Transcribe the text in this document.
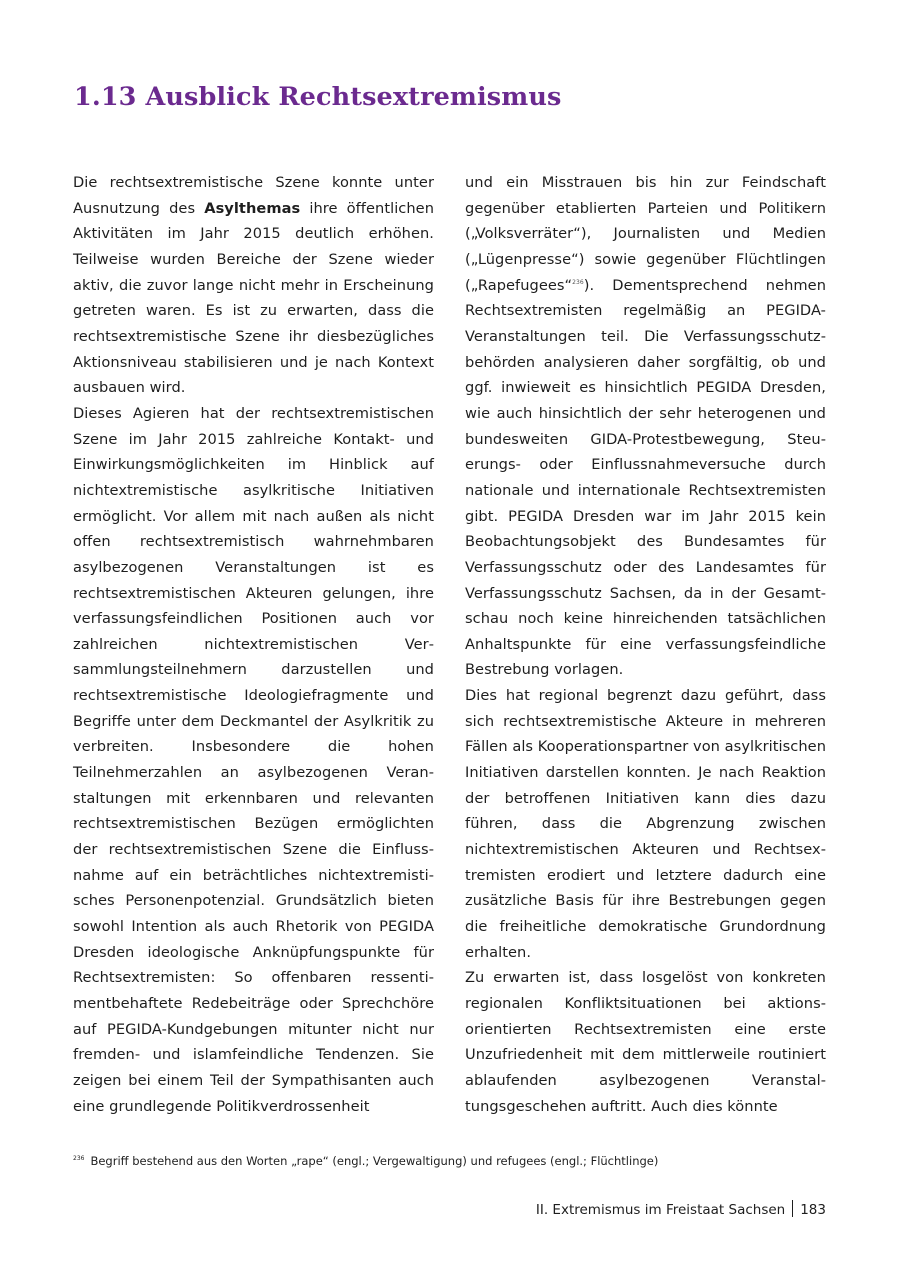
1.13 Ausblick Rechtsextremismus

Die rechtsextremistische Szene konnte unter Ausnutzung des Asylthemas ihre öffentlichen Aktivitäten im Jahr 2015 deutlich erhöhen. Teilweise wurden Bereiche der Szene wieder aktiv, die zuvor lange nicht mehr in Erscheinung getreten waren. Es ist zu erwarten, dass die rechtsextremistische Szene ihr diesbezügliches Aktionsniveau stabilisieren und je nach Kontext ausbauen wird.

Dieses Agieren hat der rechtsextremistischen Szene im Jahr 2015 zahlreiche Kontakt- und Einwirkungsmöglichkeiten im Hinblick auf nichtextremistische asylkritische Initiativen ermöglicht. Vor allem mit nach außen als nicht offen rechtsextremistisch wahrnehmbaren asylbezogenen Veranstaltungen ist es rechtsextremistischen Akteuren gelungen, ihre verfassungsfeindlichen Positionen auch vor zahlreichen nichtextremistischen Versammlungsteilnehmern darzustellen und rechtsextremistische Ideologiefragmente und Begriffe unter dem Deckmantel der Asylkritik zu verbreiten. Insbesondere die hohen Teilnehmerzahlen an asylbezogenen Veranstaltungen mit erkennbaren und relevanten rechtsextremistischen Bezügen ermöglichten der rechtsextremistischen Szene die Einflussnahme auf ein beträchtliches nichtextremistisches Personenpotenzial. Grundsätzlich bieten sowohl Intention als auch Rhetorik von PEGIDA Dresden ideologische Anknüpfungspunkte für Rechtsextremisten: So offenbaren ressentimentbehaftete Redebeiträge oder Sprechchöre auf PEGIDA-Kundgebungen mitunter nicht nur fremden- und islamfeindliche Tendenzen. Sie zeigen bei einem Teil der Sympathisanten auch eine grundlegende Politikverdrossenheit

und ein Misstrauen bis hin zur Feindschaft gegenüber etablierten Parteien und Politikern („Volksverräter“), Journalisten und Medien („Lügenpresse“) sowie gegenüber Flüchtlingen („Rapefugees“$^{236}$). Dementsprechend nehmen Rechtsextremisten regelmäßig an PEGIDA-Veranstaltungen teil. Die Verfassungsschutzbehörden analysieren daher sorgfältig, ob und ggf. inwieweit es hinsichtlich PEGIDA Dresden, wie auch hinsichtlich der sehr heterogenen und bundesweiten GIDA-Protestbewegung, Steuerungs- oder Einflussnahmeversuche durch nationale und internationale Rechtsextremisten gibt. PEGIDA Dresden war im Jahr 2015 kein Beobachtungsobjekt des Bundesamtes für Verfassungsschutz oder des Landesamtes für Verfassungsschutz Sachsen, da in der Gesamtschau noch keine hinreichenden tatsächlichen Anhaltspunkte für eine verfassungsfeindliche Bestrebung vorlagen.

Dies hat regional begrenzt dazu geführt, dass sich rechtsextremistische Akteure in mehreren Fällen als Kooperationspartner von asylkritischen Initiativen darstellen konnten. Je nach Reaktion der betroffenen Initiativen kann dies dazu führen, dass die Abgrenzung zwischen nichtextremistischen Akteuren und Rechtsextremisten erodiert und letztere dadurch eine zusätzliche Basis für ihre Bestrebungen gegen die freiheitliche demokratische Grundordnung erhalten.

Zu erwarten ist, dass losgelöst von konkreten regionalen Konfliktsituationen bei aktionsorientierten Rechtsextremisten eine erste Unzufriedenheit mit dem mittlerweile routiniert ablaufenden asylbezogenen Veranstaltungsgeschehen auftritt. Auch dies könnte

$^{236}$ Begriff bestehend aus den Worten „rape“ (engl.; Vergewaltigung) und refugees (engl.; Flüchtlinge)
II. Extremismus im Freistaat Sachsen 183
